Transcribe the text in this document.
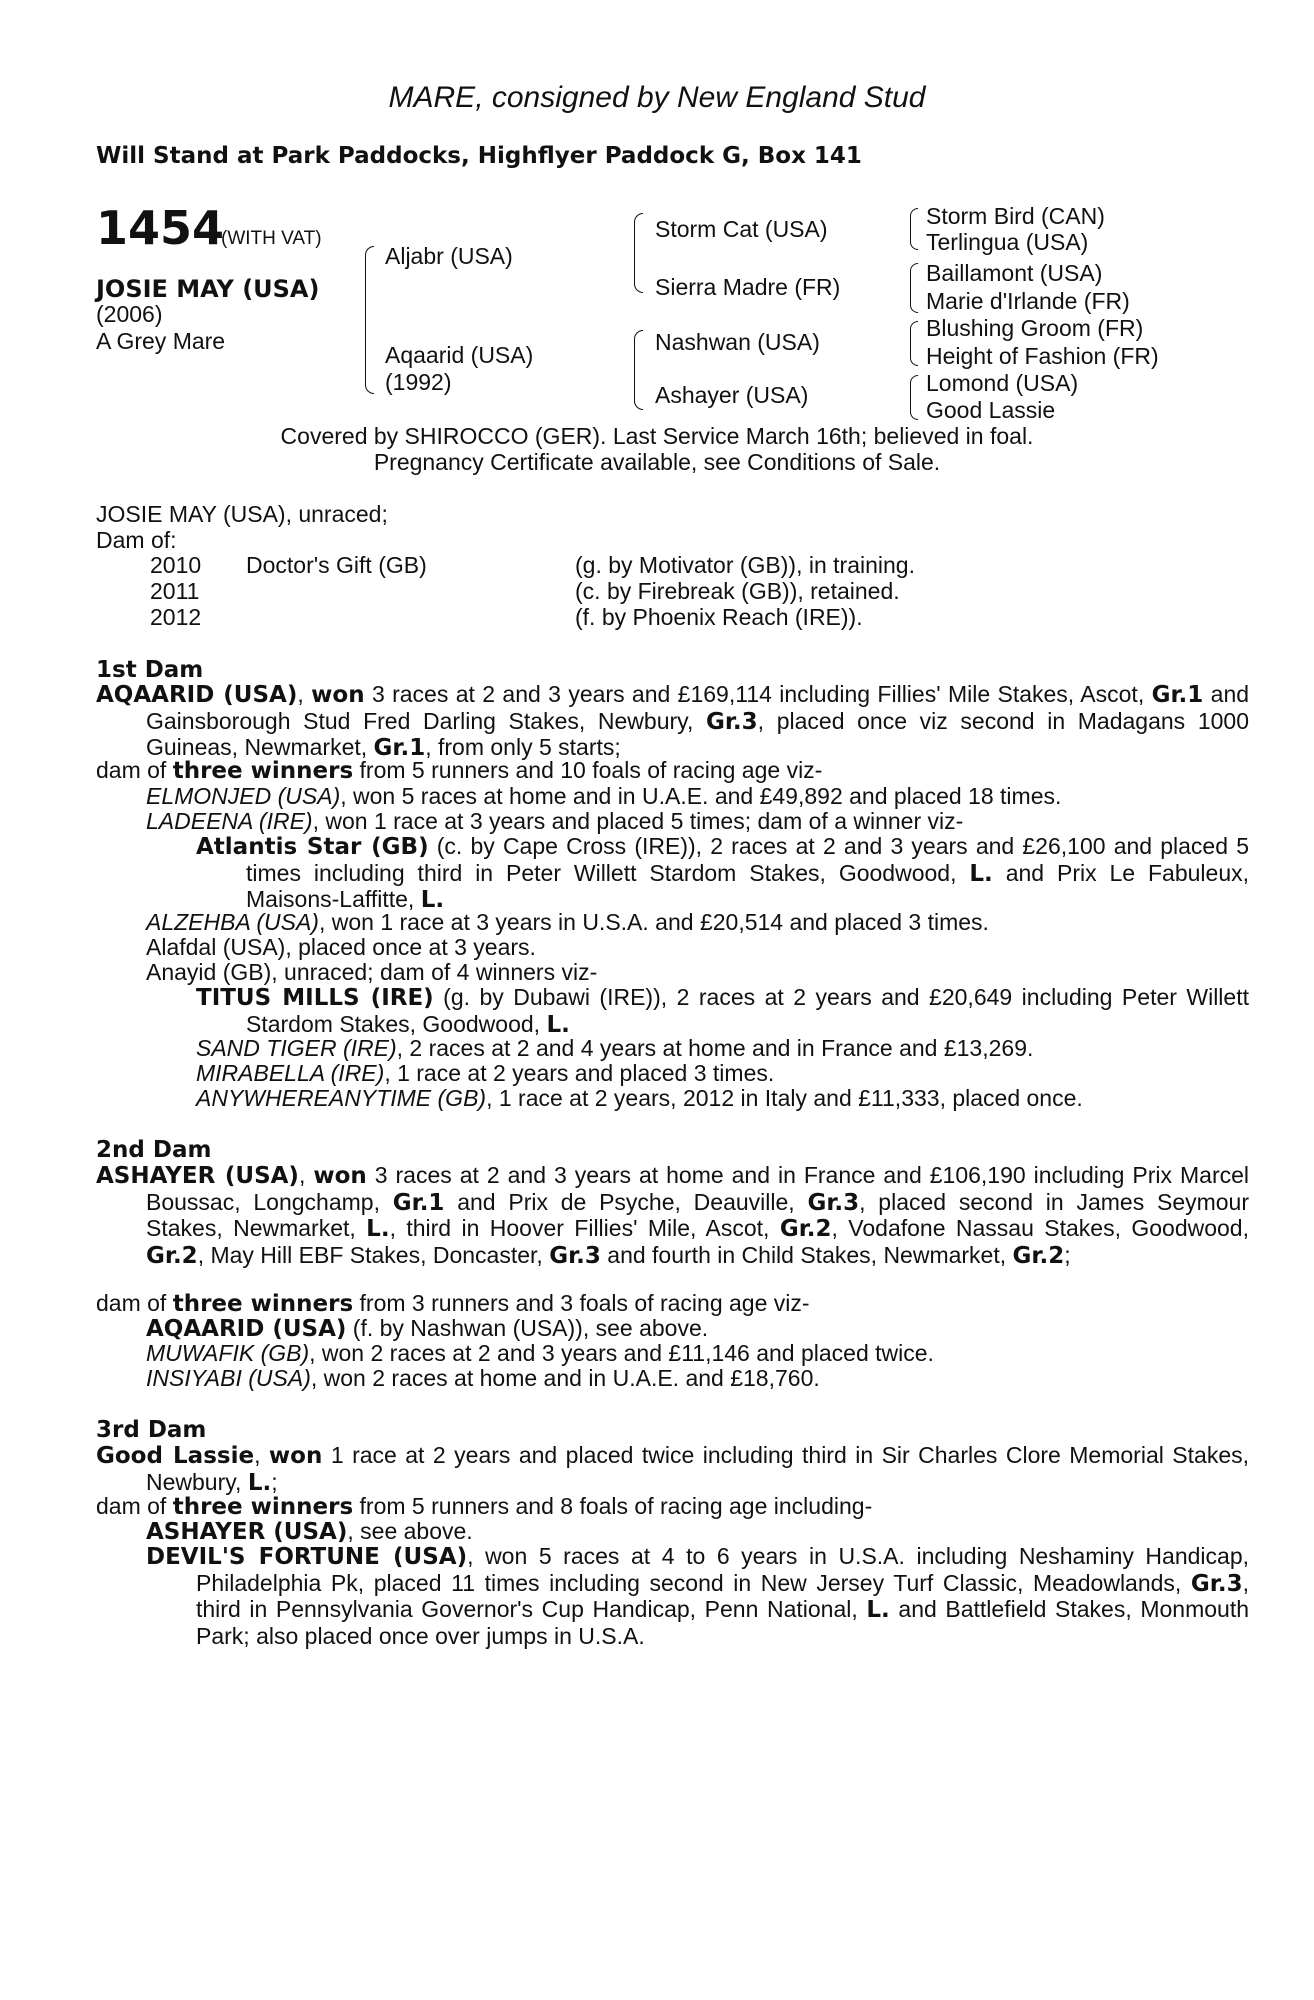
MARE, consigned by New England Stud
Will Stand at Park Paddocks, Highflyer Paddock G, Box 141
1454
(WITH VAT)
JOSIE MAY (USA)
(2006)
A Grey Mare
Aljabr (USA)
Aqaarid (USA)
(1992)
Storm Cat (USA)
Sierra Madre (FR)
Nashwan (USA)
Ashayer (USA)
Storm Bird (CAN)
Terlingua (USA)
Baillamont (USA)
Marie d'Irlande (FR)
Blushing Groom (FR)
Height of Fashion (FR)
Lomond (USA)
Good Lassie
Covered by SHIROCCO (GER). Last Service March 16th; believed in foal.
Pregnancy Certificate available, see Conditions of Sale.
JOSIE MAY (USA), unraced;
Dam of:
2010 Doctor's Gift (GB)	(g. by Motivator (GB)), in training.
2011	(c. by Firebreak (GB)), retained.
2012	(f. by Phoenix Reach (IRE)).
1st Dam
AQAARID (USA), won 3 races at 2 and 3 years and £169,114 including Fillies' Mile Stakes, Ascot, Gr.1 and Gainsborough Stud Fred Darling Stakes, Newbury, Gr.3, placed once viz second in Madagans 1000 Guineas, Newmarket, Gr.1, from only 5 starts;
dam of three winners from 5 runners and 10 foals of racing age viz-
ELMONJED (USA), won 5 races at home and in U.A.E. and £49,892 and placed 18 times.
LADEENA (IRE), won 1 race at 3 years and placed 5 times; dam of a winner viz-
Atlantis Star (GB) (c. by Cape Cross (IRE)), 2 races at 2 and 3 years and £26,100 and placed 5 times including third in Peter Willett Stardom Stakes, Goodwood, L. and Prix Le Fabuleux, Maisons-Laffitte, L.
ALZEHBA (USA), won 1 race at 3 years in U.S.A. and £20,514 and placed 3 times.
Alafdal (USA), placed once at 3 years.
Anayid (GB), unraced; dam of 4 winners viz-
TITUS MILLS (IRE) (g. by Dubawi (IRE)), 2 races at 2 years and £20,649 including Peter Willett Stardom Stakes, Goodwood, L.
SAND TIGER (IRE), 2 races at 2 and 4 years at home and in France and £13,269.
MIRABELLA (IRE), 1 race at 2 years and placed 3 times.
ANYWHEREANYTIME (GB), 1 race at 2 years, 2012 in Italy and £11,333, placed once.
2nd Dam
ASHAYER (USA), won 3 races at 2 and 3 years at home and in France and £106,190 including Prix Marcel Boussac, Longchamp, Gr.1 and Prix de Psyche, Deauville, Gr.3, placed second in James Seymour Stakes, Newmarket, L., third in Hoover Fillies' Mile, Ascot, Gr.2, Vodafone Nassau Stakes, Goodwood, Gr.2, May Hill EBF Stakes, Doncaster, Gr.3 and fourth in Child Stakes, Newmarket, Gr.2;
dam of three winners from 3 runners and 3 foals of racing age viz-
AQAARID (USA) (f. by Nashwan (USA)), see above.
MUWAFIK (GB), won 2 races at 2 and 3 years and £11,146 and placed twice.
INSIYABI (USA), won 2 races at home and in U.A.E. and £18,760.
3rd Dam
Good Lassie, won 1 race at 2 years and placed twice including third in Sir Charles Clore Memorial Stakes, Newbury, L.;
dam of three winners from 5 runners and 8 foals of racing age including-
ASHAYER (USA), see above.
DEVIL'S FORTUNE (USA), won 5 races at 4 to 6 years in U.S.A. including Neshaminy Handicap, Philadelphia Pk, placed 11 times including second in New Jersey Turf Classic, Meadowlands, Gr.3, third in Pennsylvania Governor's Cup Handicap, Penn National, L. and Battlefield Stakes, Monmouth Park; also placed once over jumps in U.S.A.
